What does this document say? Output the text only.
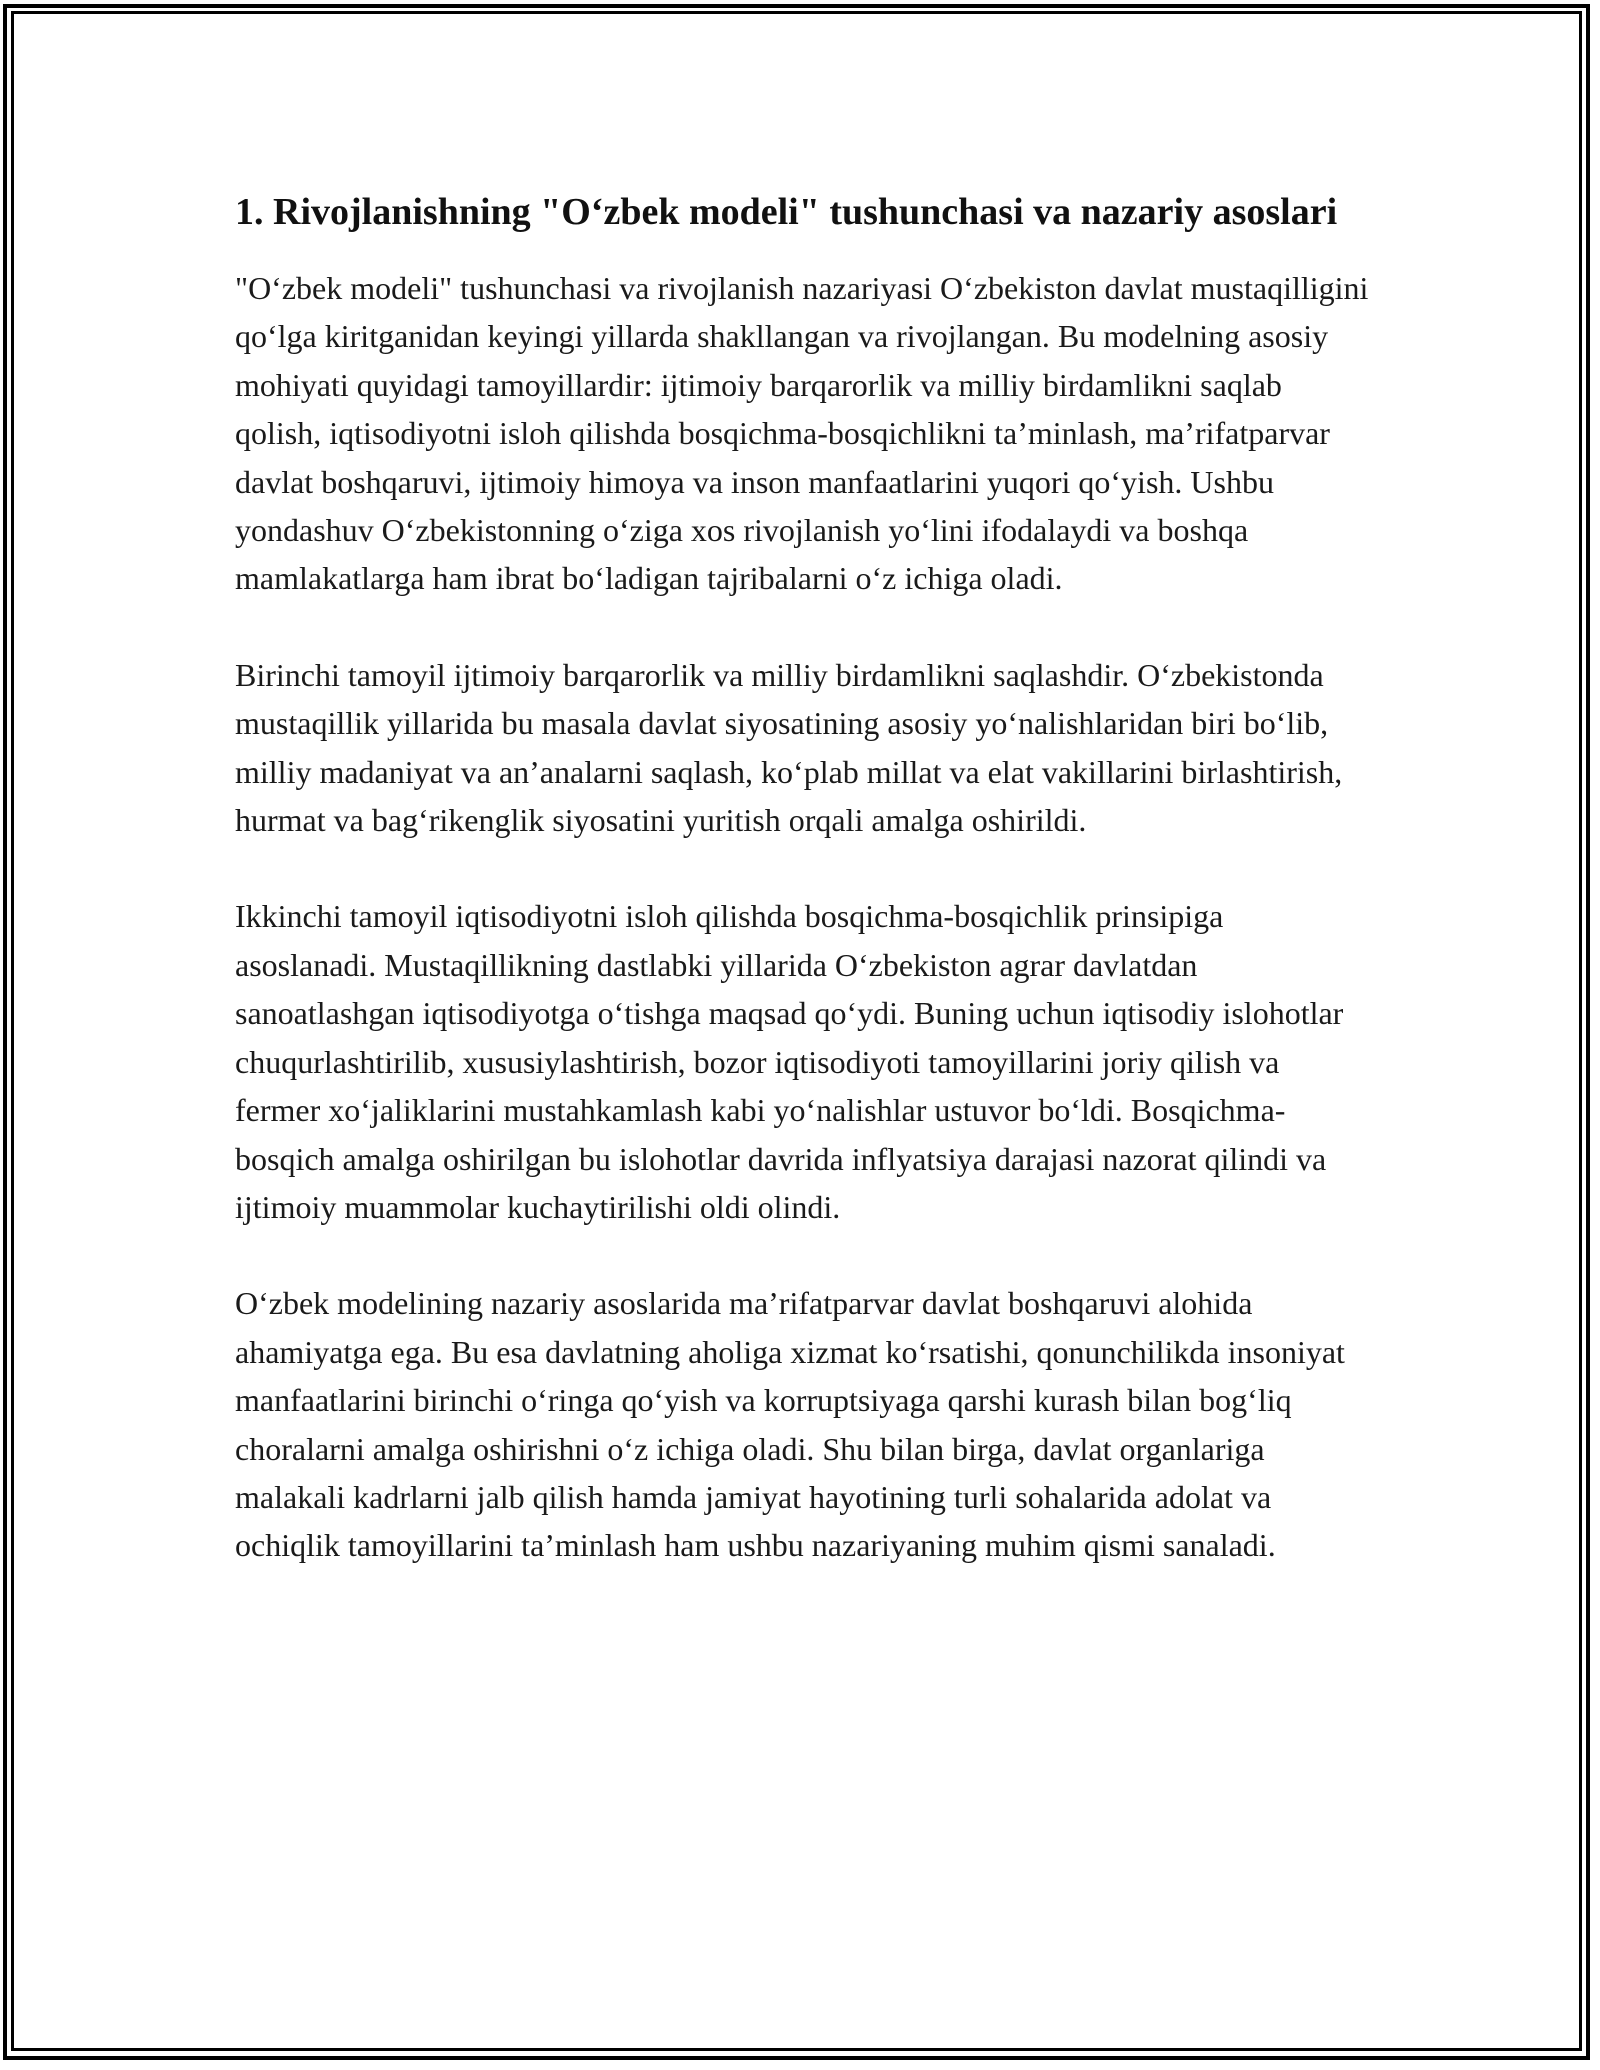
1. Rivojlanishning "O‘zbek modeli" tushunchasi va nazariy asoslari

"O‘zbek modeli" tushunchasi va rivojlanish nazariyasi O‘zbekiston davlat mustaqilligini qo‘lga kiritganidan keyingi yillarda shakllangan va rivojlangan. Bu modelning asosiy mohiyati quyidagi tamoyillardir: ijtimoiy barqarorlik va milliy birdamlikni saqlab qolish, iqtisodiyotni isloh qilishda bosqichma-bosqichlikni ta’minlash, ma’rifatparvar davlat boshqaruvi, ijtimoiy himoya va inson manfaatlarini yuqori qo‘yish. Ushbu yondashuv O‘zbekistonning o‘ziga xos rivojlanish yo‘lini ifodalaydi va boshqa mamlakatlarga ham ibrat bo‘ladigan tajribalarni o‘z ichiga oladi.

Birinchi tamoyil ijtimoiy barqarorlik va milliy birdamlikni saqlashdir. O‘zbekistonda mustaqillik yillarida bu masala davlat siyosatining asosiy yo‘nalishlaridan biri bo‘lib, milliy madaniyat va an’analarni saqlash, ko‘plab millat va elat vakillarini birlashtirish, hurmat va bag‘rikenglik siyosatini yuritish orqali amalga oshirildi.

Ikkinchi tamoyil iqtisodiyotni isloh qilishda bosqichma-bosqichlik prinsipiga asoslanadi. Mustaqillikning dastlabki yillarida O‘zbekiston agrar davlatdan sanoatlashgan iqtisodiyotga o‘tishga maqsad qo‘ydi. Buning uchun iqtisodiy islohotlar chuqurlashtirilib, xususiylashtirish, bozor iqtisodiyoti tamoyillarini joriy qilish va fermer xo‘jaliklarini mustahkamlash kabi yo‘nalishlar ustuvor bo‘ldi. Bosqichma-bosqich amalga oshirilgan bu islohotlar davrida inflyatsiya darajasi nazorat qilindi va ijtimoiy muammolar kuchaytirilishi oldi olindi.

O‘zbek modelining nazariy asoslarida ma’rifatparvar davlat boshqaruvi alohida ahamiyatga ega. Bu esa davlatning aholiga xizmat ko‘rsatishi, qonunchilikda insoniyat manfaatlarini birinchi o‘ringa qo‘yish va korruptsiyaga qarshi kurash bilan bog‘liq choralarni amalga oshirishni o‘z ichiga oladi. Shu bilan birga, davlat organlariga malakali kadrlarni jalb qilish hamda jamiyat hayotining turli sohalarida adolat va ochiqlik tamoyillarini ta’minlash ham ushbu nazariyaning muhim qismi sanaladi.
